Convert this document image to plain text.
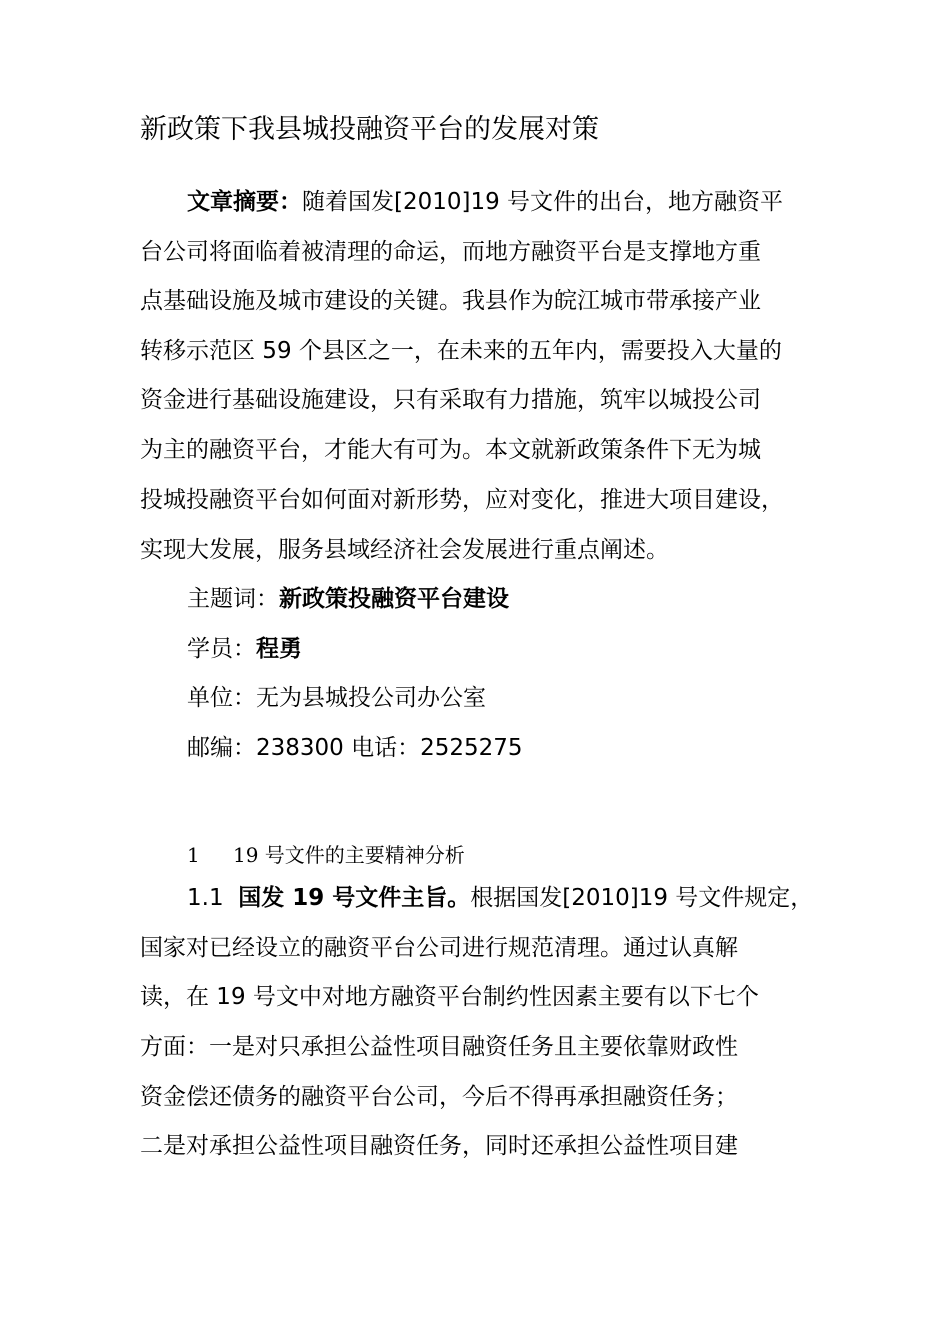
新政策下我县城投融资平台的发展对策
文章摘要：随着国发[2010]19 号文件的出台，地方融资平
台公司将面临着被清理的命运，而地方融资平台是支撑地方重
点基础设施及城市建设的关键。我县作为皖江城市带承接产业
转移示范区 59 个县区之一，在未来的五年内，需要投入大量的
资金进行基础设施建设，只有采取有力措施，筑牢以城投公司
为主的融资平台，才能大有可为。本文就新政策条件下无为城
投城投融资平台如何面对新形势，应对变化，推进大项目建设，
实现大发展，服务县域经济社会发展进行重点阐述。
主题词：新政策投融资平台建设
学员：程勇
单位：无为县城投公司办公室
邮编：238300 电话：2525275
1 19 号文件的主要精神分析
1.1 国发 19 号文件主旨。根据国发[2010]19 号文件规定，
国家对已经设立的融资平台公司进行规范清理。通过认真解
读，在 19 号文中对地方融资平台制约性因素主要有以下七个
方面：一是对只承担公益性项目融资任务且主要依靠财政性
资金偿还债务的融资平台公司，今后不得再承担融资任务；
二是对承担公益性项目融资任务，同时还承担公益性项目建
